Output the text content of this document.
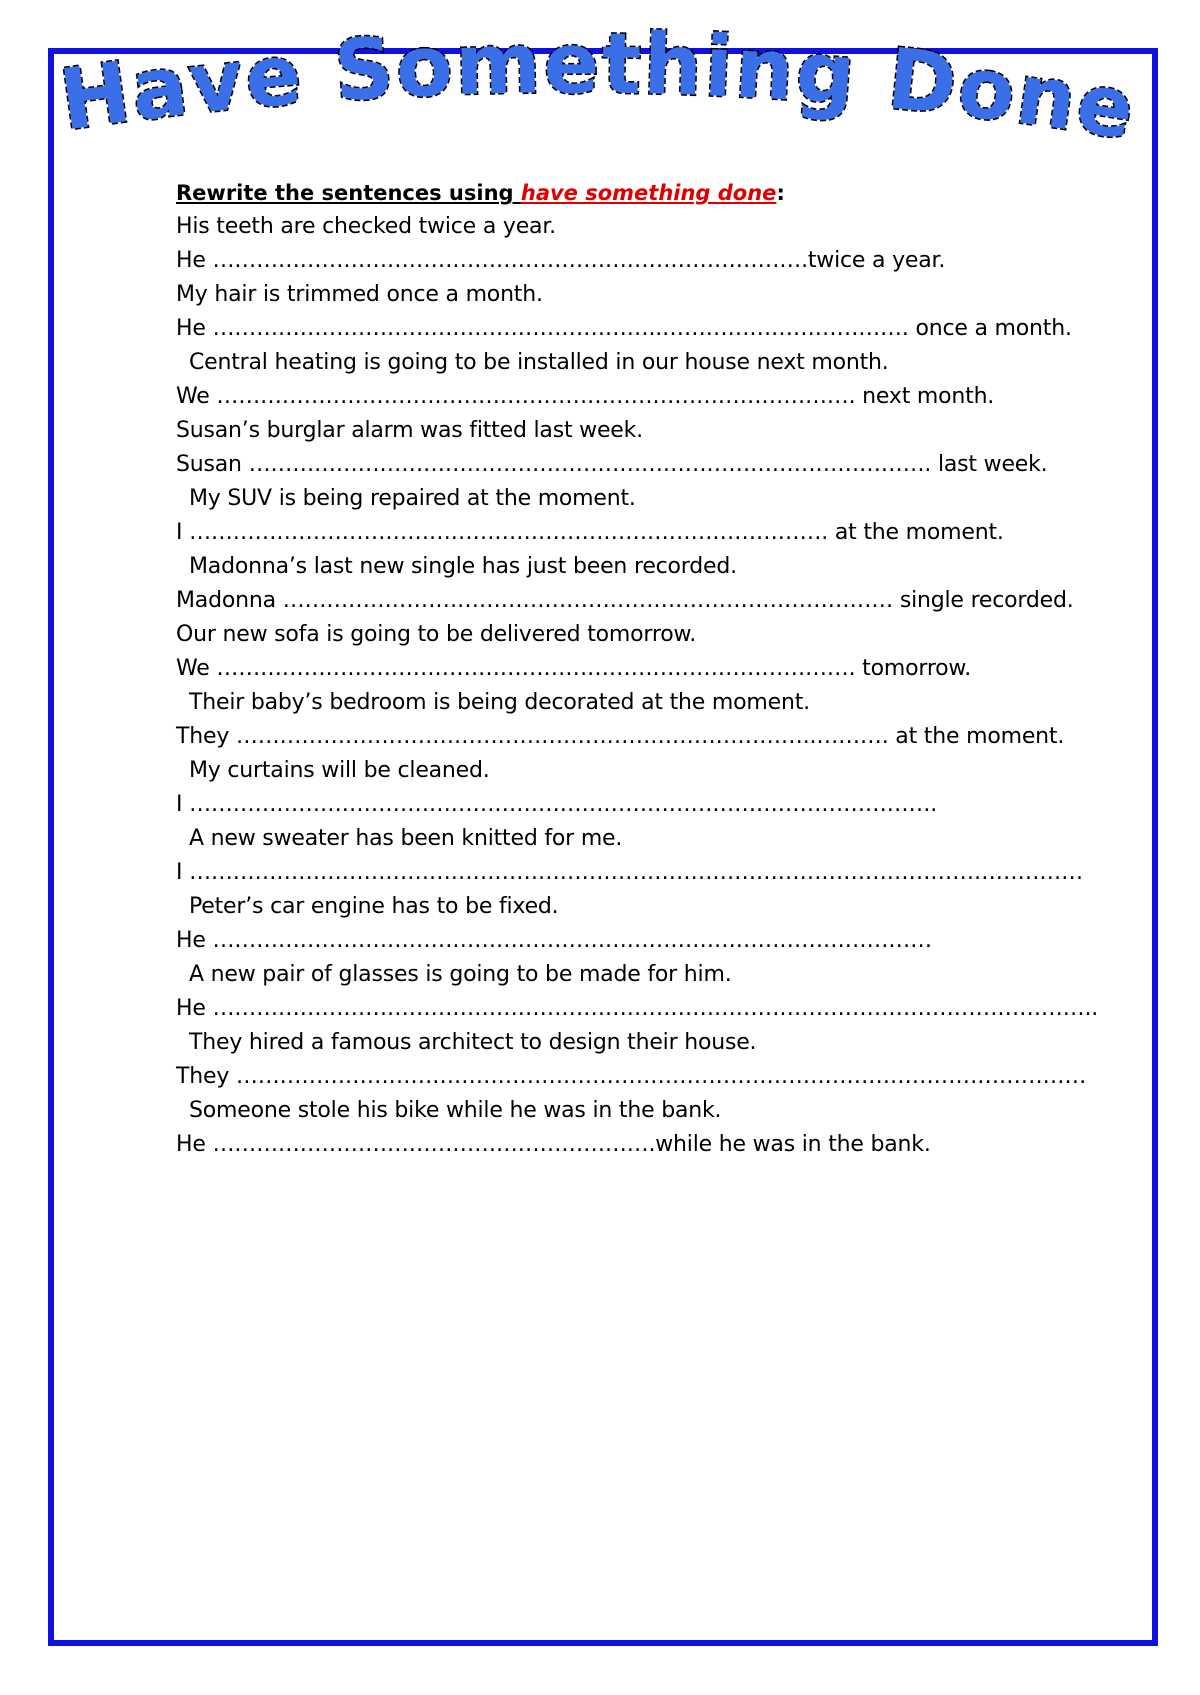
Have Something Done
Rewrite the sentences using have something done:
His teeth are checked twice a year.
He ……………………………………………………………………….twice a year.
My hair is trimmed once a month.
He ……………………………………………………..……………………………. once a month.
Central heating is going to be installed in our house next month.
We ……………………………………………………………………………. next month.
Susan’s burglar alarm was fitted last week.
Susan …………………………………………………………………………………. last week.
My SUV is being repaired at the moment.
I ……………………………………………………………………………. at the moment.
Madonna’s last new single has just been recorded.
Madonna ………………………………………………………………………… single recorded.
Our new sofa is going to be delivered tomorrow.
We ……………………………………………………………………………. tomorrow.
Their baby’s bedroom is being decorated at the moment.
They ……………………………………………………………………..………. at the moment.
My curtains will be cleaned.
I ………………………………………………………………………………………….
A new sweater has been knitted for me.
I ……………………………………………………………………………………………………………
Peter’s car engine has to be fixed.
He ………………………………………………………………………………………
A new pair of glasses is going to be made for him.
He …………………………………………………………………………………………………………..
They hired a famous architect to design their house.
They ………………………………………………………………………………………………………
Someone stole his bike while he was in the bank.
He …………………………………………………….while he was in the bank.
